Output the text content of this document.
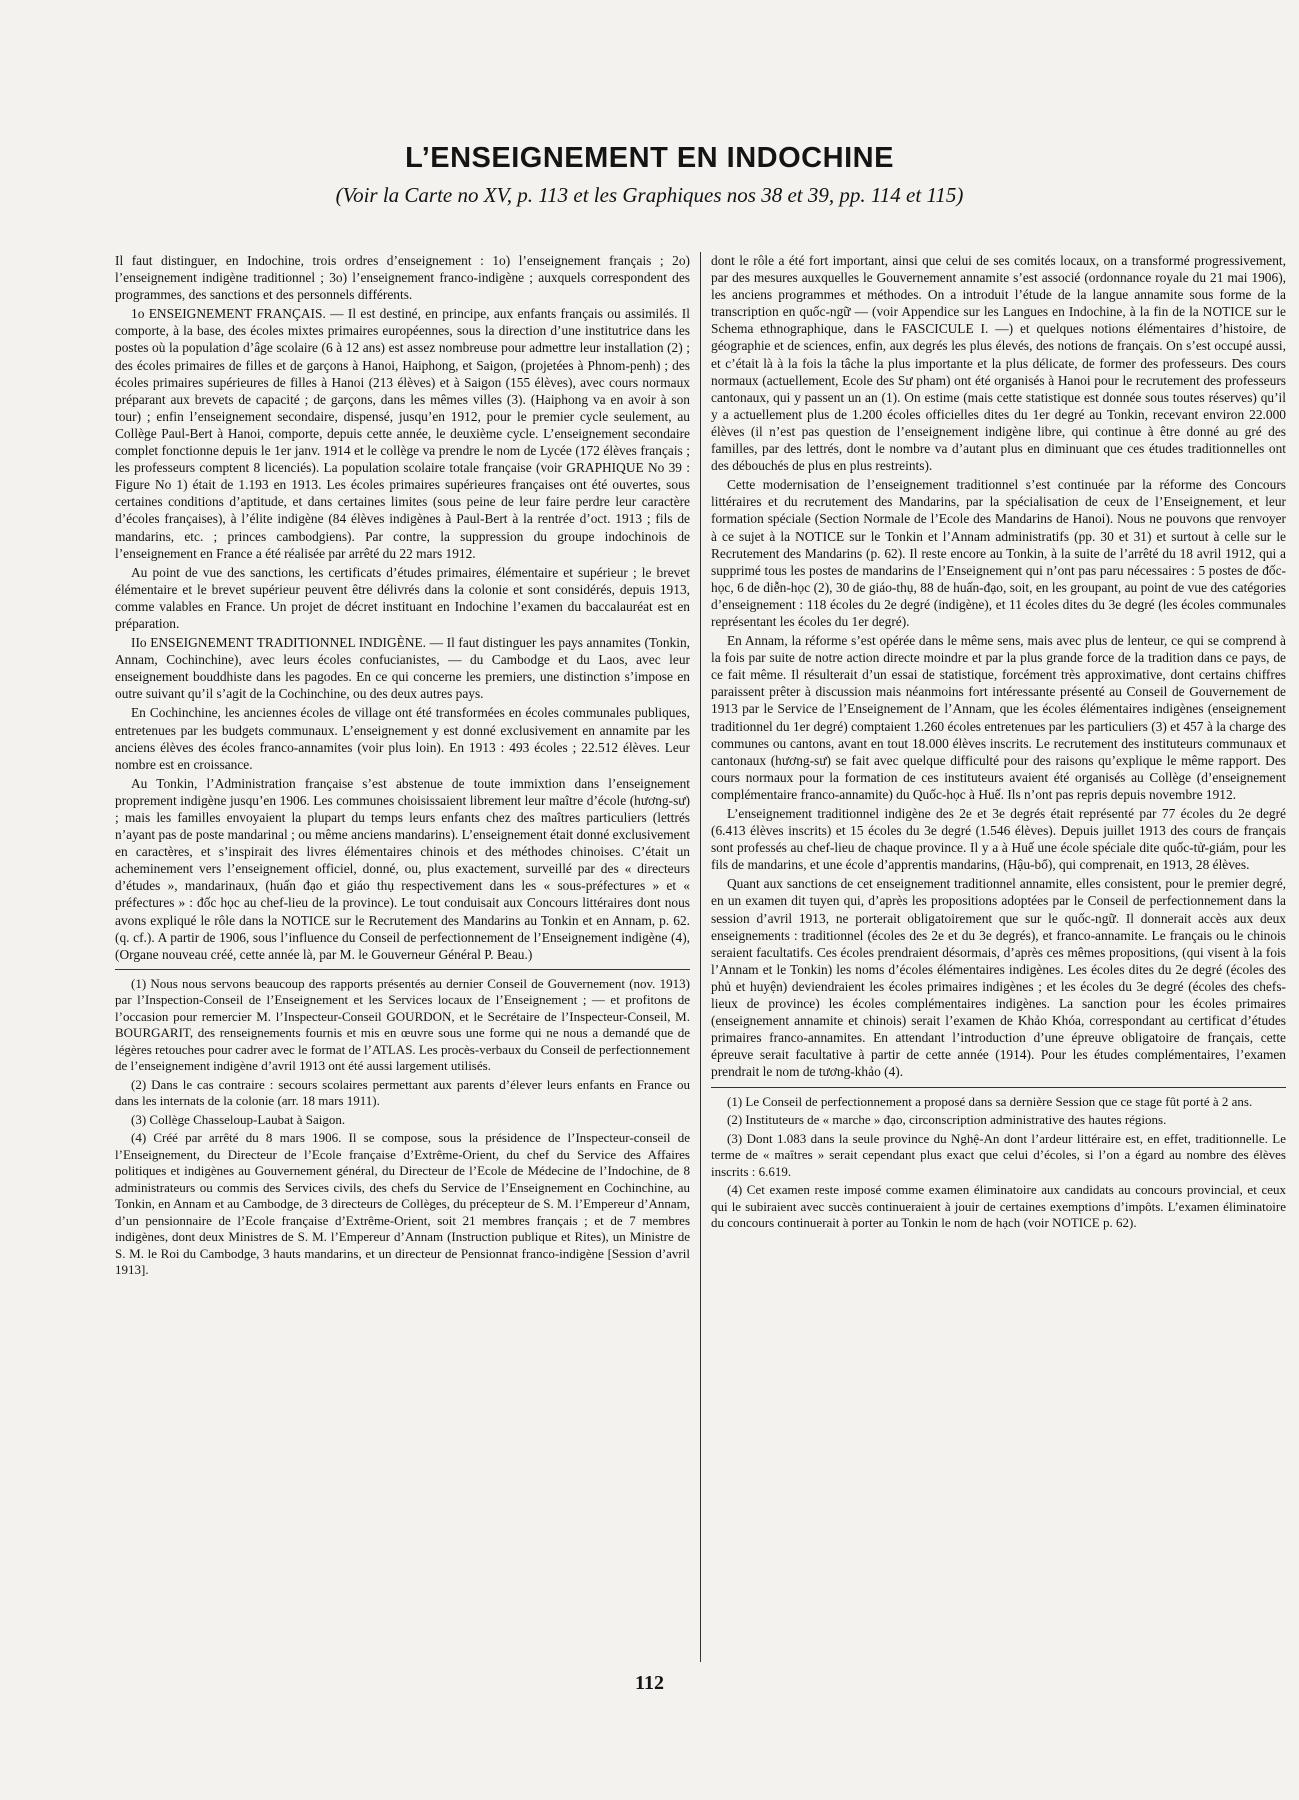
L’ENSEIGNEMENT EN INDOCHINE
(Voir la Carte no XV, p. 113 et les Graphiques nos 38 et 39, pp. 114 et 115)

Il faut distinguer, en Indochine, trois ordres d’enseignement : 1o) l’enseignement français ; 2o) l’enseignement indigène traditionnel ; 3o) l’enseignement franco-indigène ; auxquels correspondent des programmes, des sanctions et des personnels différents.

1o ENSEIGNEMENT FRANÇAIS. — Il est destiné, en principe, aux enfants français ou assimilés. Il comporte, à la base, des écoles mixtes primaires européennes, sous la direction d’une institutrice dans les postes où la population d’âge scolaire (6 à 12 ans) est assez nombreuse pour admettre leur installation (2) ; des écoles primaires de filles et de garçons à Hanoi, Haiphong, et Saigon, (projetées à Phnom-penh) ; des écoles primaires supérieures de filles à Hanoi (213 élèves) et à Saigon (155 élèves), avec cours normaux préparant aux brevets de capacité ; de garçons, dans les mêmes villes (3). (Haiphong va en avoir à son tour) ; enfin l’enseignement secondaire, dispensé, jusqu’en 1912, pour le premier cycle seulement, au Collège Paul-Bert à Hanoi, comporte, depuis cette année, le deuxième cycle. L’enseignement secondaire complet fonctionne depuis le 1er janv. 1914 et le collège va prendre le nom de Lycée (172 élèves français ; les professeurs comptent 8 licenciés). La population scolaire totale française (voir GRAPHIQUE No 39 : Figure No 1) était de 1.193 en 1913. Les écoles primaires supérieures françaises ont été ouvertes, sous certaines conditions d’aptitude, et dans certaines limites (sous peine de leur faire perdre leur caractère d’écoles françaises), à l’élite indigène (84 élèves indigènes à Paul-Bert à la rentrée d’oct. 1913 ; fils de mandarins, etc. ; princes cambodgiens). Par contre, la suppression du groupe indochinois de l’enseignement en France a été réalisée par arrêté du 22 mars 1912.

Au point de vue des sanctions, les certificats d’études primaires, élémentaire et supérieur ; le brevet élémentaire et le brevet supérieur peuvent être délivrés dans la colonie et sont considérés, depuis 1913, comme valables en France. Un projet de décret instituant en Indochine l’examen du baccalauréat est en préparation.

IIo ENSEIGNEMENT TRADITIONNEL INDIGÈNE. — Il faut distinguer les pays annamites (Tonkin, Annam, Cochinchine), avec leurs écoles confucianistes, — du Cambodge et du Laos, avec leur enseignement bouddhiste dans les pagodes. En ce qui concerne les premiers, une distinction s’impose en outre suivant qu’il s’agit de la Cochinchine, ou des deux autres pays.

En Cochinchine, les anciennes écoles de village ont été transformées en écoles communales publiques, entretenues par les budgets communaux. L’enseignement y est donné exclusivement en annamite par les anciens élèves des écoles franco-annamites (voir plus loin). En 1913 : 493 écoles ; 22.512 élèves. Leur nombre est en croissance.

Au Tonkin, l’Administration française s’est abstenue de toute immixtion dans l’enseignement proprement indigène jusqu’en 1906. Les communes choisissaient librement leur maître d’école (hương-sư) ; mais les familles envoyaient la plupart du temps leurs enfants chez des maîtres particuliers (lettrés n’ayant pas de poste mandarinal ; ou même anciens mandarins). L’enseignement était donné exclusivement en caractères, et s’inspirait des livres élémentaires chinois et des méthodes chinoises. C’était un acheminement vers l’enseignement officiel, donné, ou, plus exactement, surveillé par des « directeurs d’études », mandarinaux, (huấn đạo et giáo thụ respectivement dans les « sous-préfectures » et « préfectures » : đốc học au chef-lieu de la province). Le tout conduisait aux Concours littéraires dont nous avons expliqué le rôle dans la NOTICE sur le Recrutement des Mandarins au Tonkin et en Annam, p. 62. (q. cf.). A partir de 1906, sous l’influence du Conseil de perfectionnement de l’Enseignement indigène (4), (Organe nouveau créé, cette année là, par M. le Gouverneur Général P. Beau.)

(1) Nous nous servons beaucoup des rapports présentés au dernier Conseil de Gouvernement (nov. 1913) par l’Inspection-Conseil de l’Enseignement et les Services locaux de l’Enseignement ; — et profitons de l’occasion pour remercier M. l’Inspecteur-Conseil GOURDON, et le Secrétaire de l’Inspecteur-Conseil, M. BOURGARIT, des renseignements fournis et mis en œuvre sous une forme qui ne nous a demandé que de légères retouches pour cadrer avec le format de l’ATLAS. Les procès-verbaux du Conseil de perfectionnement de l’enseignement indigène d’avril 1913 ont été aussi largement utilisés.

(2) Dans le cas contraire : secours scolaires permettant aux parents d’élever leurs enfants en France ou dans les internats de la colonie (arr. 18 mars 1911).

(3) Collège Chasseloup-Laubat à Saigon.

(4) Créé par arrêté du 8 mars 1906. Il se compose, sous la présidence de l’Inspecteur-conseil de l’Enseignement, du Directeur de l’Ecole française d’Extrême-Orient, du chef du Service des Affaires politiques et indigènes au Gouvernement général, du Directeur de l’Ecole de Médecine de l’Indochine, de 8 administrateurs ou commis des Services civils, des chefs du Service de l’Enseignement en Cochinchine, au Tonkin, en Annam et au Cambodge, de 3 directeurs de Collèges, du précepteur de S. M. l’Empereur d’Annam, d’un pensionnaire de l’Ecole française d’Extrême-Orient, soit 21 membres français ; et de 7 membres indigènes, dont deux Ministres de S. M. l’Empereur d’Annam (Instruction publique et Rites), un Ministre de S. M. le Roi du Cambodge, 3 hauts mandarins, et un directeur de Pensionnat franco-indigène [Session d’avril 1913].

dont le rôle a été fort important, ainsi que celui de ses comités locaux, on a transformé progressivement, par des mesures auxquelles le Gouvernement annamite s’est associé (ordonnance royale du 21 mai 1906), les anciens programmes et méthodes. On a introduit l’étude de la langue annamite sous forme de la transcription en quốc-ngữ — (voir Appendice sur les Langues en Indochine, à la fin de la NOTICE sur le Schema ethnographique, dans le FASCICULE I. —) et quelques notions élémentaires d’histoire, de géographie et de sciences, enfin, aux degrés les plus élevés, des notions de français. On s’est occupé aussi, et c’était là à la fois la tâche la plus importante et la plus délicate, de former des professeurs. Des cours normaux (actuellement, Ecole des Sư pham) ont été organisés à Hanoi pour le recrutement des professeurs cantonaux, qui y passent un an (1). On estime (mais cette statistique est donnée sous toutes réserves) qu’il y a actuellement plus de 1.200 écoles officielles dites du 1er degré au Tonkin, recevant environ 22.000 élèves (il n’est pas question de l’enseignement indigène libre, qui continue à être donné au gré des familles, par des lettrés, dont le nombre va d’autant plus en diminuant que ces études traditionnelles ont des débouchés de plus en plus restreints).

Cette modernisation de l’enseignement traditionnel s’est continuée par la réforme des Concours littéraires et du recrutement des Mandarins, par la spécialisation de ceux de l’Enseignement, et leur formation spéciale (Section Normale de l’Ecole des Mandarins de Hanoi). Nous ne pouvons que renvoyer à ce sujet à la NOTICE sur le Tonkin et l’Annam administratifs (pp. 30 et 31) et surtout à celle sur le Recrutement des Mandarins (p. 62). Il reste encore au Tonkin, à la suite de l’arrêté du 18 avril 1912, qui a supprimé tous les postes de mandarins de l’Enseignement qui n’ont pas paru nécessaires : 5 postes de đốc-học, 6 de diễn-học (2), 30 de giáo-thụ, 88 de huấn-đạo, soit, en les groupant, au point de vue des catégories d’enseignement : 118 écoles du 2e degré (indigène), et 11 écoles dites du 3e degré (les écoles communales représentant les écoles du 1er degré).

En Annam, la réforme s’est opérée dans le même sens, mais avec plus de lenteur, ce qui se comprend à la fois par suite de notre action directe moindre et par la plus grande force de la tradition dans ce pays, de ce fait même. Il résulterait d’un essai de statistique, forcément très approximative, dont certains chiffres paraissent prêter à discussion mais néanmoins fort intéressante présenté au Conseil de Gouvernement de 1913 par le Service de l’Enseignement de l’Annam, que les écoles élémentaires indigènes (enseignement traditionnel du 1er degré) comptaient 1.260 écoles entretenues par les particuliers (3) et 457 à la charge des communes ou cantons, avant en tout 18.000 élèves inscrits. Le recrutement des instituteurs communaux et cantonaux (hương-sư) se fait avec quelque difficulté pour des raisons qu’explique le même rapport. Des cours normaux pour la formation de ces instituteurs avaient été organisés au Collège (d’enseignement complémentaire franco-annamite) du Quốc-học à Huế. Ils n’ont pas repris depuis novembre 1912.

L’enseignement traditionnel indigène des 2e et 3e degrés était représenté par 77 écoles du 2e degré (6.413 élèves inscrits) et 15 écoles du 3e degré (1.546 élèves). Depuis juillet 1913 des cours de français sont professés au chef-lieu de chaque province. Il y a à Huế une école spéciale dite quốc-tử-giám, pour les fils de mandarins, et une école d’apprentis mandarins, (Hậu-bổ), qui comprenait, en 1913, 28 élèves.

Quant aux sanctions de cet enseignement traditionnel annamite, elles consistent, pour le premier degré, en un examen dit tuyen qui, d’après les propositions adoptées par le Conseil de perfectionnement dans la session d’avril 1913, ne porterait obligatoirement que sur le quốc-ngữ. Il donnerait accès aux deux enseignements : traditionnel (écoles des 2e et du 3e degrés), et franco-annamite. Le français ou le chinois seraient facultatifs. Ces écoles prendraient désormais, d’après ces mêmes propositions, (qui visent à la fois l’Annam et le Tonkin) les noms d’écoles élémentaires indigènes. Les écoles dites du 2e degré (écoles des phủ et huyện) deviendraient les écoles primaires indigènes ; et les écoles du 3e degré (écoles des chefs-lieux de province) les écoles complémentaires indigènes. La sanction pour les écoles primaires (enseignement annamite et chinois) serait l’examen de Khảo Khóa, correspondant au certificat d’études primaires franco-annamites. En attendant l’introduction d’une épreuve obligatoire de français, cette épreuve serait facultative à partir de cette année (1914). Pour les études complémentaires, l’examen prendrait le nom de tương-khảo (4).

(1) Le Conseil de perfectionnement a proposé dans sa dernière Session que ce stage fût porté à 2 ans.

(2) Instituteurs de « marche » đạo, circonscription administrative des hautes régions.

(3) Dont 1.083 dans la seule province du Nghệ-An dont l’ardeur littéraire est, en effet, traditionnelle. Le terme de « maîtres » serait cependant plus exact que celui d’écoles, si l’on a égard au nombre des élèves inscrits : 6.619.

(4) Cet examen reste imposé comme examen éliminatoire aux candidats au concours provincial, et ceux qui le subiraient avec succès continueraient à jouir de certaines exemptions d’impôts. L’examen éliminatoire du concours continuerait à porter au Tonkin le nom de hạch (voir NOTICE p. 62).

112
